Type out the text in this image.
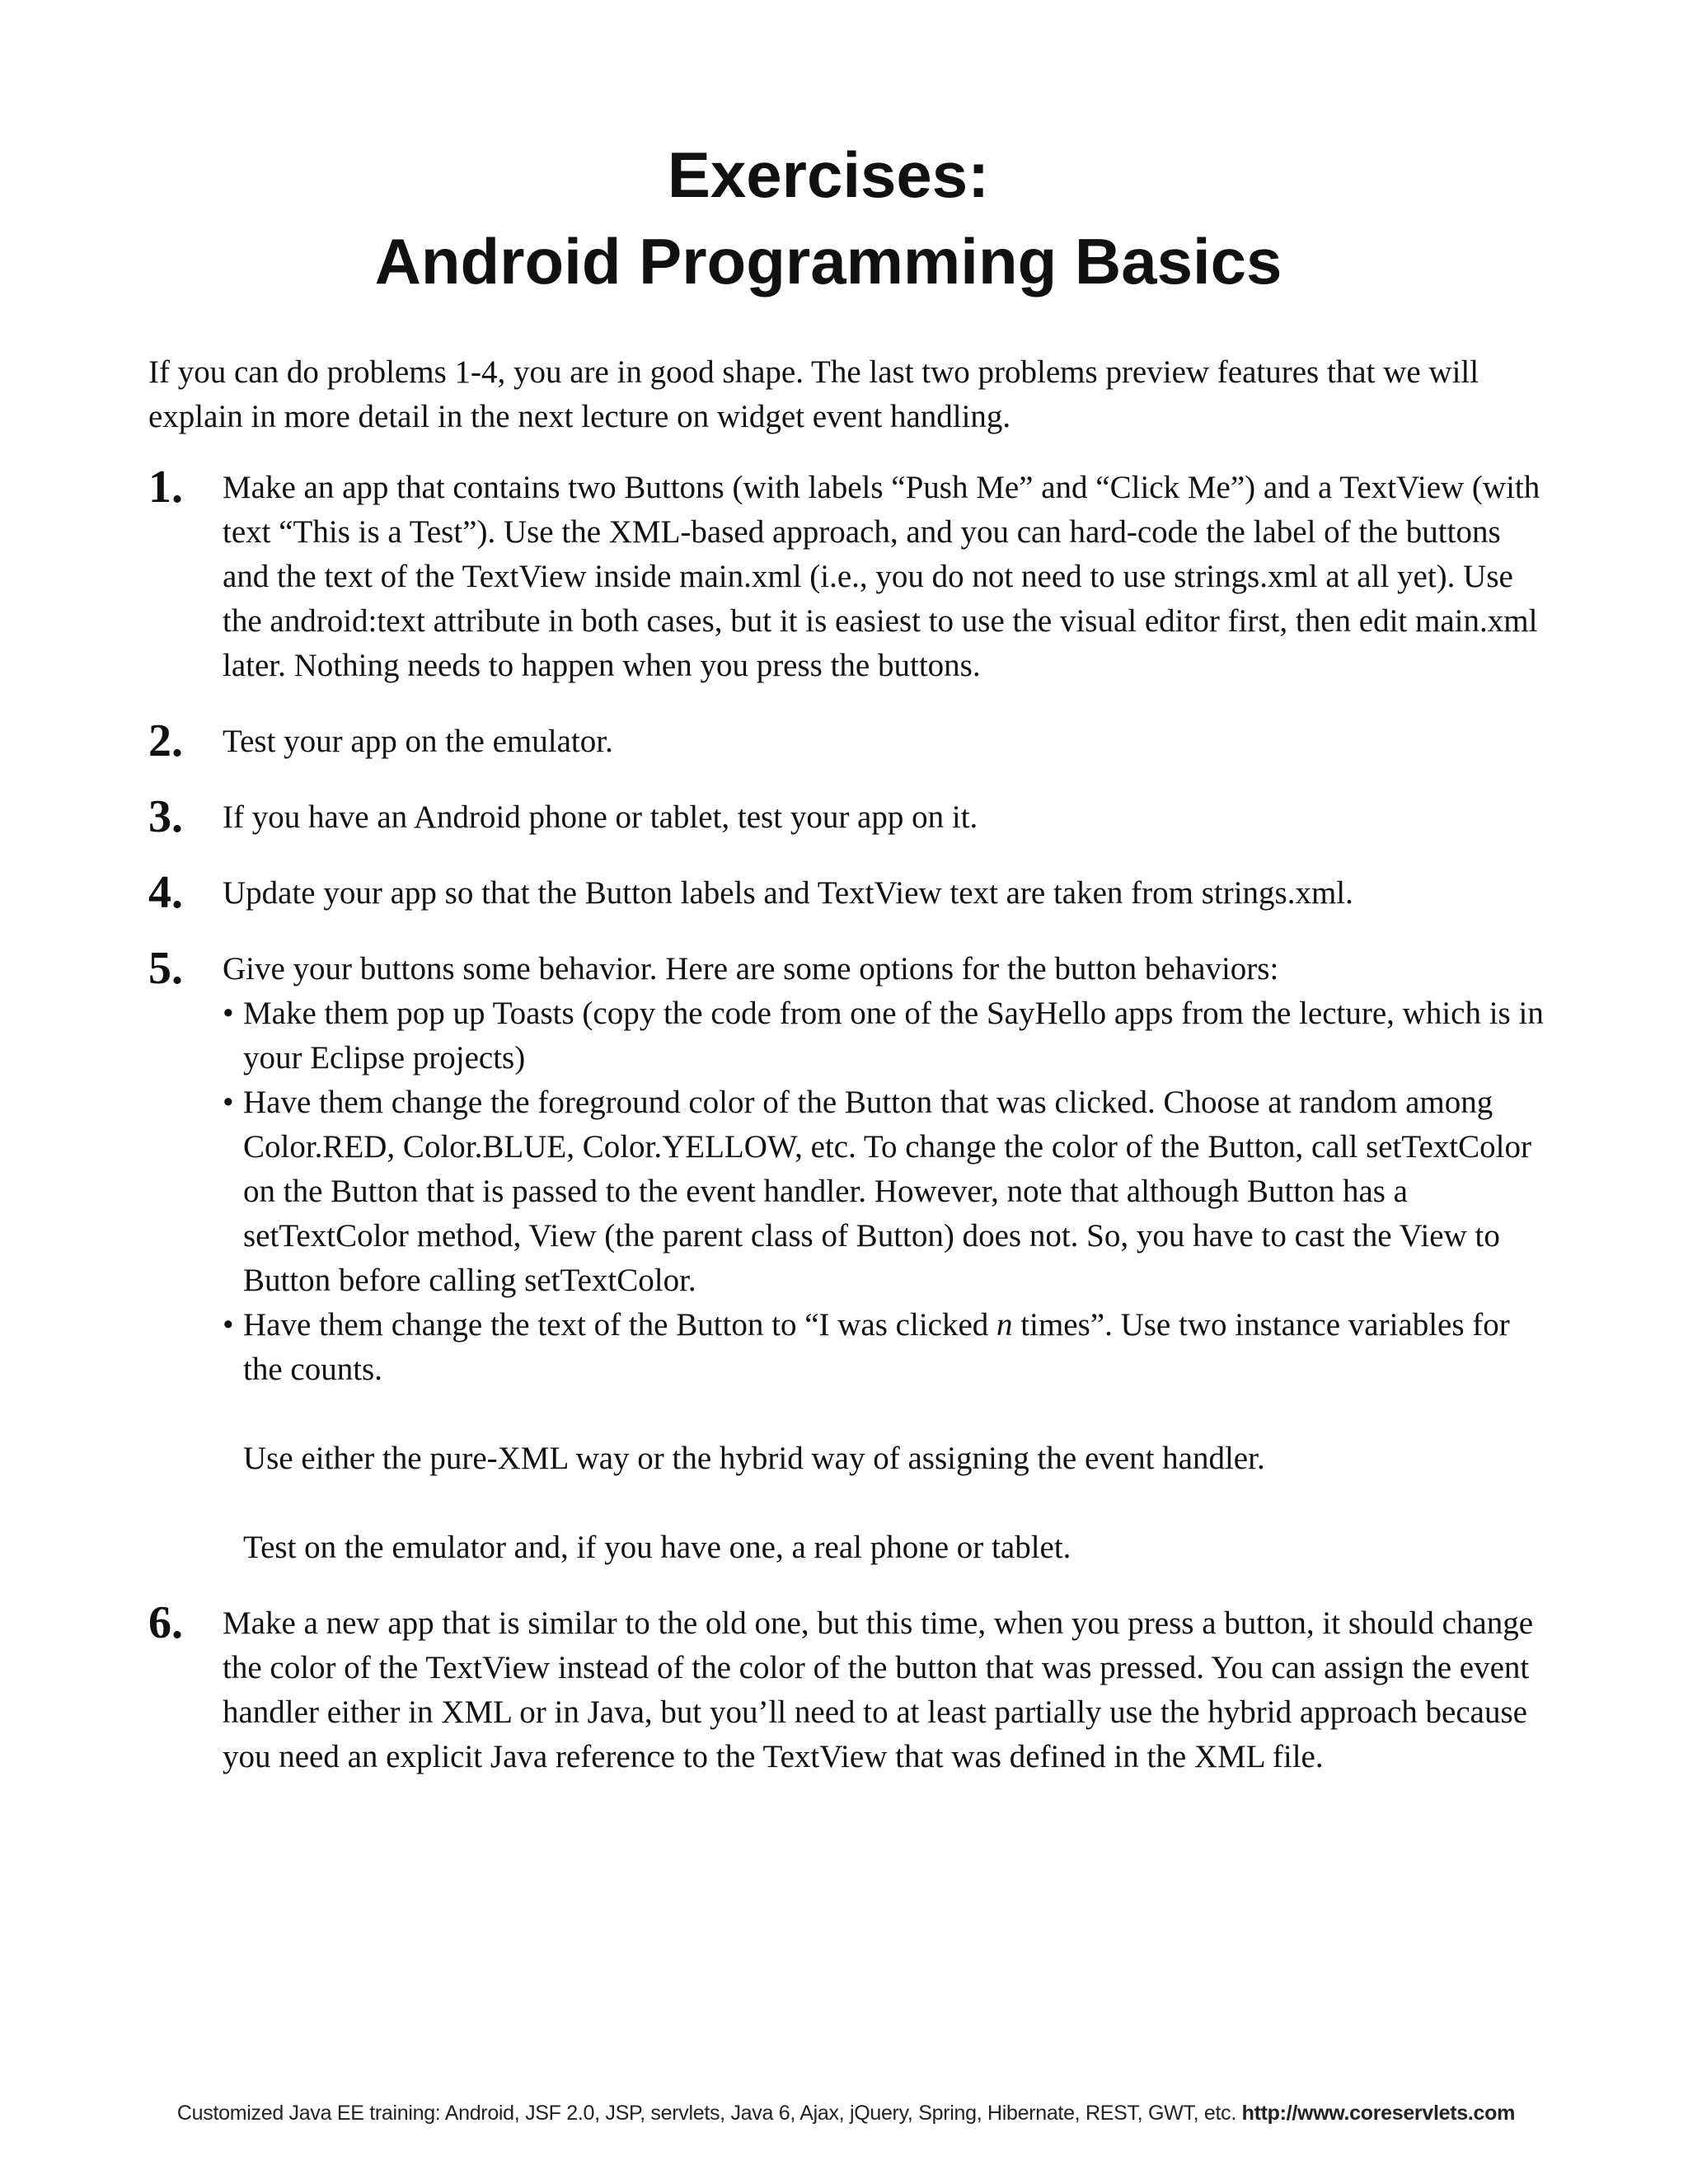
Exercises:
Android Programming Basics

If you can do problems 1-4, you are in good shape. The last two problems preview features that we will explain in more detail in the next lecture on widget event handling.

1. Make an app that contains two Buttons (with labels “Push Me” and “Click Me”) and a TextView (with text “This is a Test”). Use the XML-based approach, and you can hard-code the label of the buttons and the text of the TextView inside main.xml (i.e., you do not need to use strings.xml at all yet). Use the android:text attribute in both cases, but it is easiest to use the visual editor first, then edit main.xml later. Nothing needs to happen when you press the buttons.
2. Test your app on the emulator.
3. If you have an Android phone or tablet, test your app on it.
4. Update your app so that the Button labels and TextView text are taken from strings.xml.
5. Give your buttons some behavior. Here are some options for the button behaviors:
• Make them pop up Toasts (copy the code from one of the SayHello apps from the lecture, which is in your Eclipse projects)
• Have them change the foreground color of the Button that was clicked. Choose at random among Color.RED, Color.BLUE, Color.YELLOW, etc. To change the color of the Button, call setTextColor on the Button that is passed to the event handler. However, note that although Button has a setTextColor method, View (the parent class of Button) does not. So, you have to cast the View to Button before calling setTextColor.
• Have them change the text of the Button to “I was clicked n times”. Use two instance variables for the counts.
Use either the pure-XML way or the hybrid way of assigning the event handler.
Test on the emulator and, if you have one, a real phone or tablet.
6. Make a new app that is similar to the old one, but this time, when you press a button, it should change the color of the TextView instead of the color of the button that was pressed. You can assign the event handler either in XML or in Java, but you’ll need to at least partially use the hybrid approach because you need an explicit Java reference to the TextView that was defined in the XML file.
Customized Java EE training: Android, JSF 2.0, JSP, servlets, Java 6, Ajax, jQuery, Spring, Hibernate, REST, GWT, etc. http://www.coreservlets.com
